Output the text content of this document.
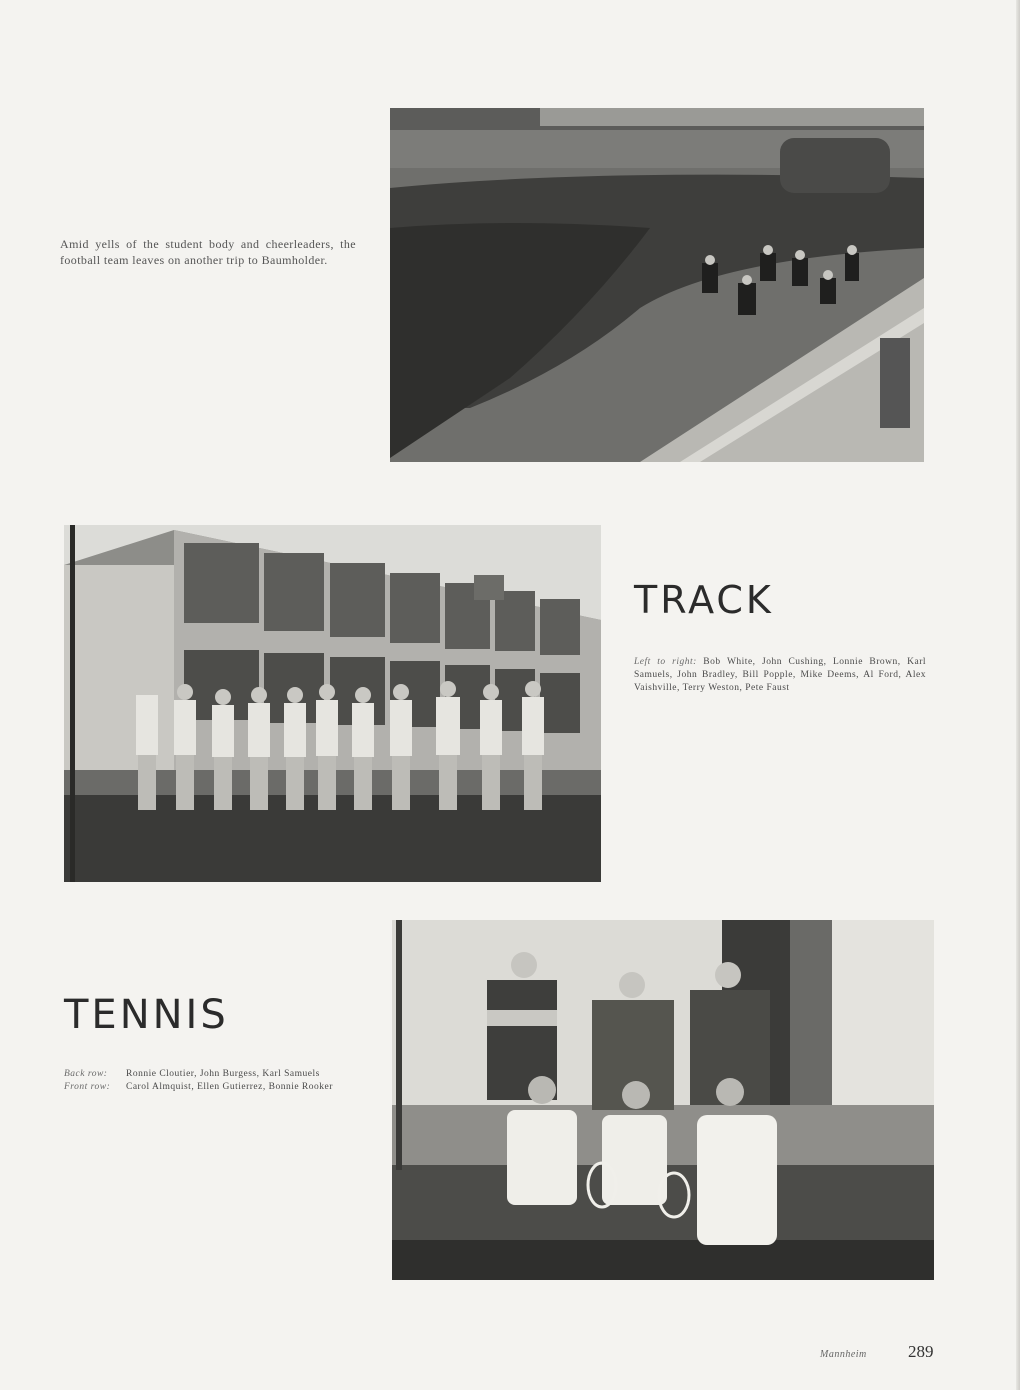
Amid yells of the student body and cheerleaders, the football team leaves on another trip to Baumholder.
TRACK
Left to right: Bob White, John Cushing, Lonnie Brown, Karl Samuels, John Bradley, Bill Popple, Mike Deems, Al Ford, Alex Vaishville, Terry Weston, Pete Faust
TENNIS
Back row: Ronnie Cloutier, John Burgess, Karl Samuels
Front row: Carol Almquist, Ellen Gutierrez, Bonnie Rooker
Mannheim 289
